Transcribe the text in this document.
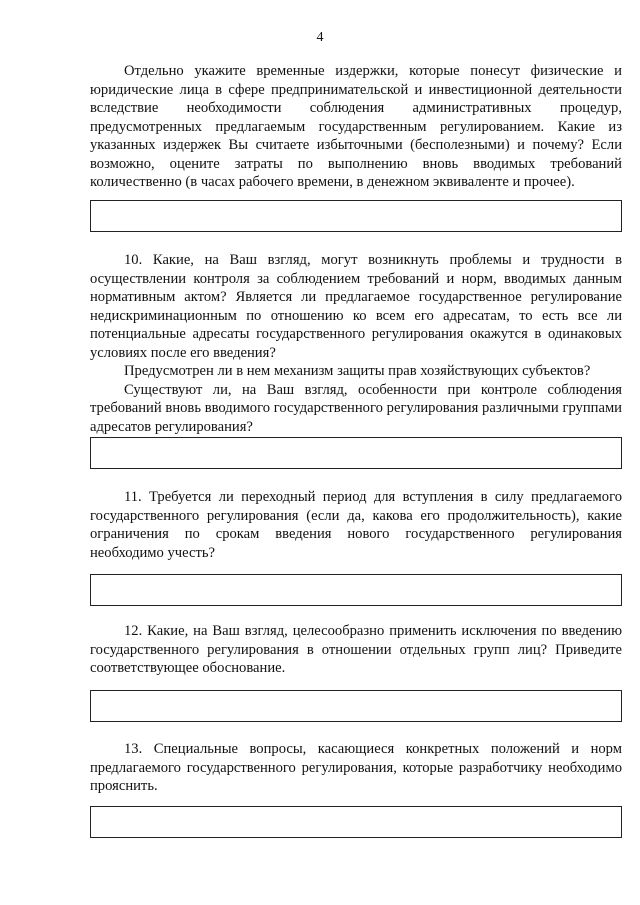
4

Отдельно укажите временные издержки, которые понесут физические и юридические лица в сфере предпринимательской и инвестиционной деятельности вследствие необходимости соблюдения административных процедур, предусмотренных предлагаемым государственным регулированием. Какие из указанных издержек Вы считаете избыточными (бесполезными) и почему? Если возможно, оцените затраты по выполнению вновь вводимых требований количественно (в часах рабочего времени, в денежном эквиваленте и прочее).

10. Какие, на Ваш взгляд, могут возникнуть проблемы и трудности в осуществлении контроля за соблюдением требований и норм, вводимых данным нормативным актом? Является ли предлагаемое государственное регулирование недискриминационным по отношению ко всем его адресатам, то есть все ли потенциальные адресаты государственного регулирования окажутся в одинаковых условиях после его введения?

Предусмотрен ли в нем механизм защиты прав хозяйствующих субъектов?

Существуют ли, на Ваш взгляд, особенности при контроле соблюдения требований вновь вводимого государственного регулирования различными группами адресатов регулирования?

11. Требуется ли переходный период для вступления в силу предлагаемого государственного регулирования (если да, какова его продолжительность), какие ограничения по срокам введения нового государственного регулирования необходимо учесть?

12. Какие, на Ваш взгляд, целесообразно применить исключения по введению государственного регулирования в отношении отдельных групп лиц? Приведите соответствующее обоснование.

13. Специальные вопросы, касающиеся конкретных положений и норм предлагаемого государственного регулирования, которые разработчику необходимо прояснить.
